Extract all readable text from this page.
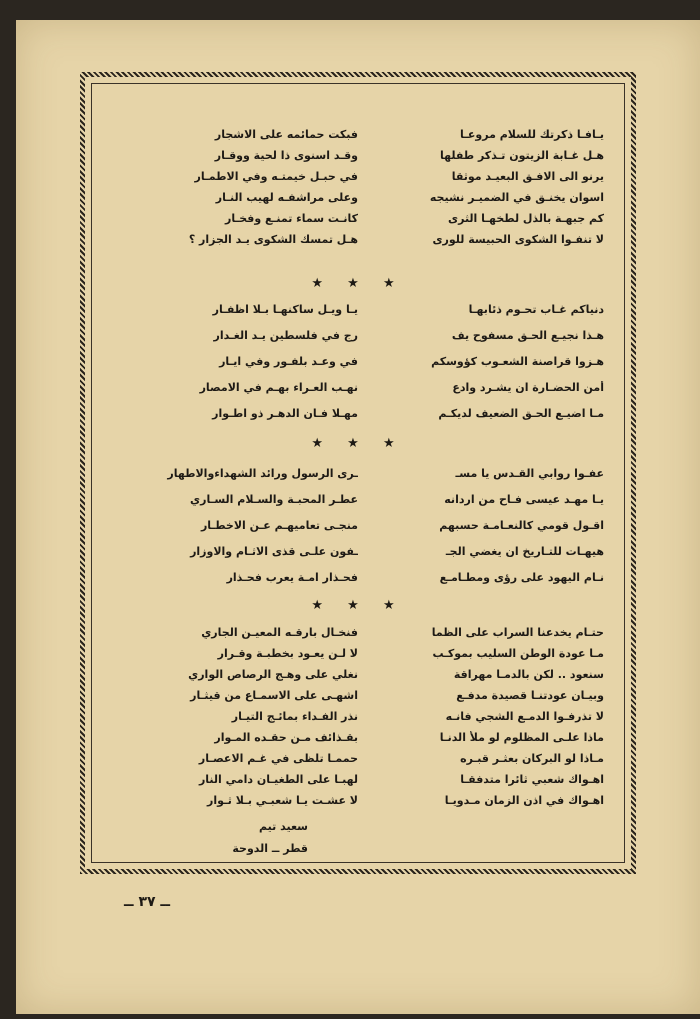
يـافـا ذكرتك للسلام مروعـا
فبكت حمائمه على الاشجار
هـل غـابة الزيتون تـذكر طفلها
وقـد اسنوى ذا لحية ووقـار
يرنو الى الافـق البعيـد موثقا
في حبـل خيمتـه وفي الاطمـار
اسوان يخنـق في الضميـر نشيجه
وعلى مراشفـه لهيب النـار
كم جبهـة بالذل لطخهـا الثرى
كانـت سماء تمنـع وفخـار
لا تنفـوا الشكوى الحبيسة للورى
هـل تمسك الشكوى يـد الجزار ؟
★ ★ ★
دنياكم غـاب تحـوم ذئابهـا
يـا ويـل ساكنهـا بـلا اظفـار
هـذا نجيـع الحـق مسفوح يف
رج في فلسطين يـد الغـدار
هـزوا قراصنة الشعـوب كؤوسكم
في وعـد بلفـور وفي ايـار
أمن الحضـارة ان يشـرد وادع
نهـب العـراء بهـم في الامصار
مـا اضيـع الحـق الضعيف لديكـم
مهـلا فـان الدهـر ذو اطـوار
★ ★ ★
عفـوا روابي القـدس يا مسـ
ـرى الرسول ورائد الشهداءوالاطهار
يـا مهـد عيسى فـاح من اردانه
عطـر المحبـة والسـلام السـاري
اقـول قومي كالنعـامـة حسبهم
منجـى تعاميهـم عـن الاخطـار
هيهـات للتـاريخ ان يغضي الجـ
ـفون علـى قذى الاثـام والاوزار
نـام اليهود على رؤى ومطـامـع
فحـذار امـة يعرب فحـذار
★ ★ ★
حتـام يخدعنا السراب على الظما
فنخـال بارقـه المعيـن الجاري
مـا عودة الوطن السليب بموكـب
لا لـن يعـود بخطبـة وقـرار
سنعود .. لكن بالدمـا مهراقة
نغلي على وهـج الرصاص الواري
وبيـان عودتنـا قصيدة مدفـع
اشهـى على الاسمـاع من قيثـار
لا تذرفـوا الدمـع الشجي فانـه
نذر الفـداء بمائـج التيـار
ماذا علـى المظلوم لو ملأ الدنـا
بقـذائف مـن حقـده المـوار
مـاذا لو البركان بعثـر قبـره
حممـا تلظى في غـم الاعصـار
اهـواك شعبي ثائرا متدفقـا
لهبـا على الطغيـان دامي النار
اهـواك في اذن الزمان مـدويـا
لا عشـت يـا شعبـي بـلا ثـوار
سعيد تيم
قطر ــ الدوحة
ــ ٣٧ ــ
